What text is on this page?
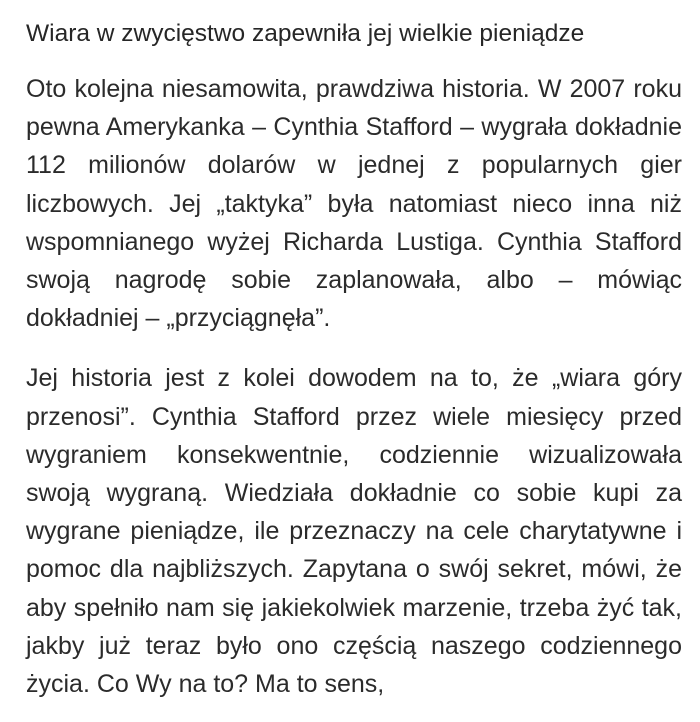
Wiara w zwycięstwo zapewniła jej wielkie pieniądze

Oto kolejna niesamowita, prawdziwa historia. W 2007 roku pewna Amerykanka – Cynthia Stafford – wygrała dokładnie 112 milionów dolarów w jednej z popularnych gier liczbowych. Jej „taktyka” była natomiast nieco inna niż wspomnianego wyżej Richarda Lustiga. Cynthia Stafford swoją nagrodę sobie zaplanowała, albo – mówiąc dokładniej – „przyciągnęła”.

Jej historia jest z kolei dowodem na to, że „wiara góry przenosi”. Cynthia Stafford przez wiele miesięcy przed wygraniem konsekwentnie, codziennie wizualizowała swoją wygraną. Wiedziała dokładnie co sobie kupi za wygrane pieniądze, ile przeznaczy na cele charytatywne i pomoc dla najbliższych. Zapytana o swój sekret, mówi, że aby spełniło nam się jakiekolwiek marzenie, trzeba żyć tak, jakby już teraz było ono częścią naszego codziennego życia. Co Wy na to? Ma to sens,
